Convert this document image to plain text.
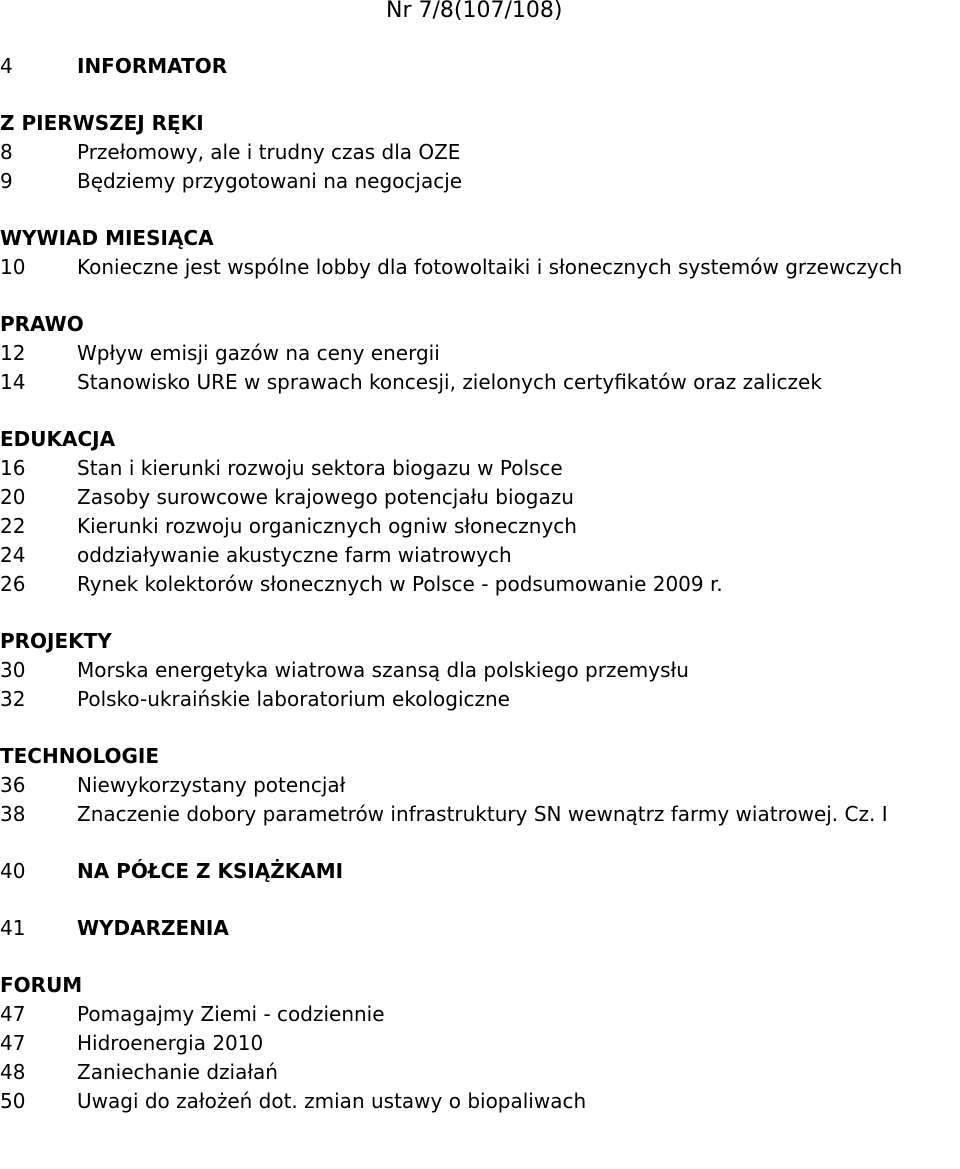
Nr 7/8(107/108)
4	INFORMATOR
Z PIERWSZEJ RĘKI
8	Przełomowy, ale i trudny czas dla OZE
9	Będziemy przygotowani na negocjacje
WYWIAD MIESIĄCA
10	Konieczne jest wspólne lobby dla fotowoltaiki i słonecznych systemów grzewczych
PRAWO
12	Wpływ emisji gazów na ceny energii
14	Stanowisko URE w sprawach koncesji, zielonych certyfikatów oraz zaliczek
EDUKACJA
16	Stan i kierunki rozwoju sektora biogazu w Polsce
20	Zasoby surowcowe krajowego potencjału biogazu
22	Kierunki rozwoju organicznych ogniw słonecznych
24	oddziaływanie akustyczne farm wiatrowych
26	Rynek kolektorów słonecznych w Polsce - podsumowanie 2009 r.
PROJEKTY
30	Morska energetyka wiatrowa szansą dla polskiego przemysłu
32	Polsko-ukraińskie laboratorium ekologiczne
TECHNOLOGIE
36	Niewykorzystany potencjał
38	Znaczenie dobory parametrów infrastruktury SN wewnątrz farmy wiatrowej. Cz. I
40	NA PÓŁCE Z KSIĄŻKAMI
41	WYDARZENIA
FORUM
47	Pomagajmy Ziemi - codziennie
47	Hidroenergia 2010
48	Zaniechanie działań
50	Uwagi do założeń dot. zmian ustawy o biopaliwach
